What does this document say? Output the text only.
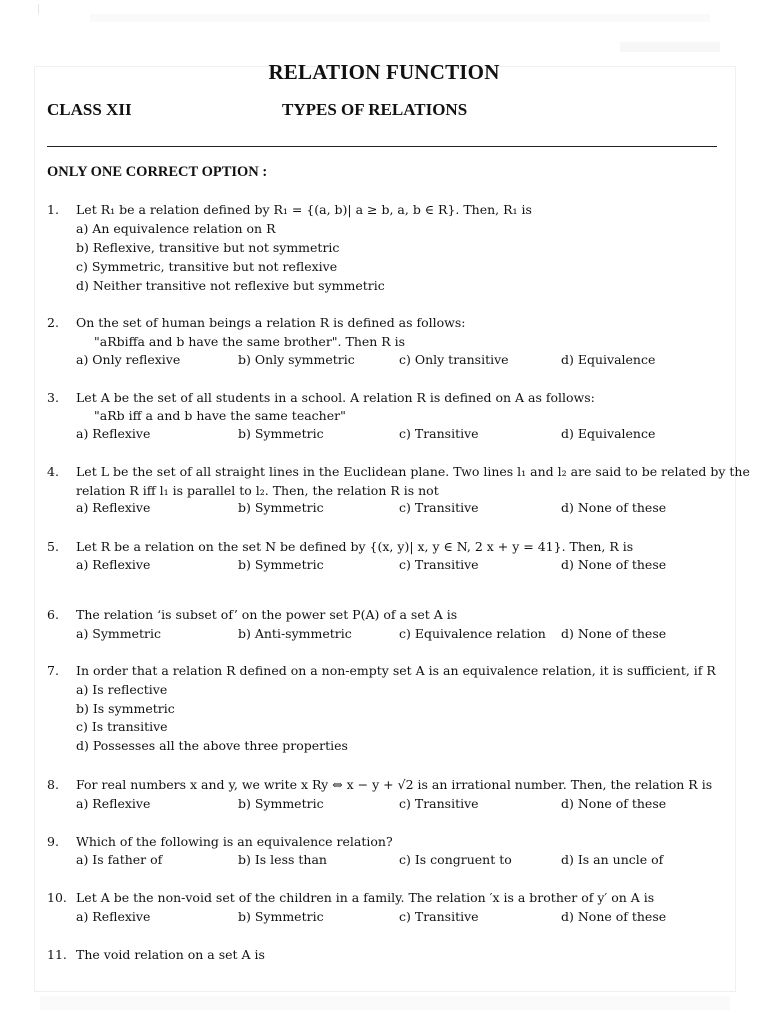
RELATION FUNCTION
CLASS XII	TYPES OF RELATIONS
ONLY ONE CORRECT OPTION :
1. Let R₁ be a relation defined by R₁ = {(a, b)| a ≥ b, a, b ∈ R}. Then, R₁ is
a) An equivalence relation on R
b) Reflexive, transitive but not symmetric
c) Symmetric, transitive but not reflexive
d) Neither transitive not reflexive but symmetric
2. On the set of human beings a relation R is defined as follows:
"aRbiffa and b have the same brother". Then R is
a) Only reflexive	b) Only symmetric	c) Only transitive	d) Equivalence
3. Let A be the set of all students in a school. A relation R is defined on A as follows:
"aRb iff a and b have the same teacher"
a) Reflexive	b) Symmetric	c) Transitive	d) Equivalence
4. Let L be the set of all straight lines in the Euclidean plane. Two lines l₁ and l₂ are said to be related by the
relation R iff l₁ is parallel to l₂. Then, the relation R is not
a) Reflexive	b) Symmetric	c) Transitive	d) None of these
5. Let R be a relation on the set N be defined by {(x, y)| x, y ∈ N, 2 x + y = 41}. Then, R is
a) Reflexive	b) Symmetric	c) Transitive	d) None of these
6. The relation ‘is subset of’ on the power set P(A) of a set A is
a) Symmetric	b) Anti-symmetric	c) Equivalence relation d) None of these
7. In order that a relation R defined on a non-empty set A is an equivalence relation, it is sufficient, if R
a) Is reflective
b) Is symmetric
c) Is transitive
d) Possesses all the above three properties
8. For real numbers x and y, we write x Ry ⇔ x − y + √2 is an irrational number. Then, the relation R is
a) Reflexive	b) Symmetric	c) Transitive	d) None of these
9. Which of the following is an equivalence relation?
a) Is father of	b) Is less than	c) Is congruent to	d) Is an uncle of
10. Let A be the non-void set of the children in a family. The relation ′x is a brother of y′ on A is
a) Reflexive	b) Symmetric	c) Transitive	d) None of these
11. The void relation on a set A is
